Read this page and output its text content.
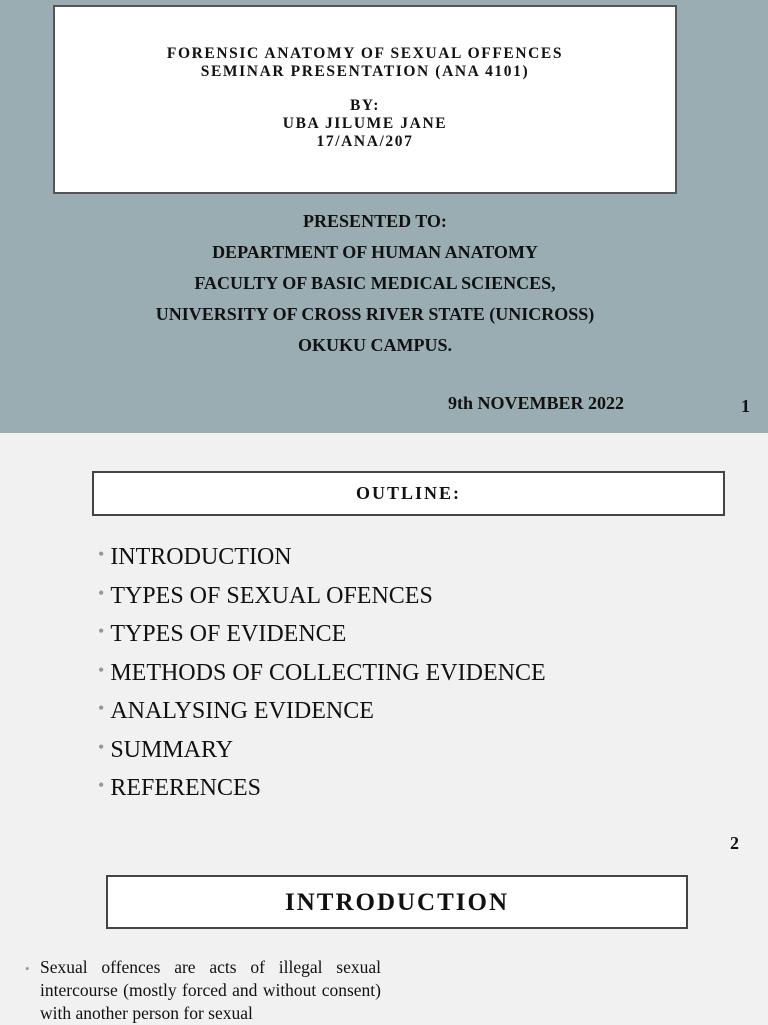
FORENSIC ANATOMY OF SEXUAL OFFENCES
SEMINAR PRESENTATION (ANA 4101)
BY:
UBA JILUME JANE
17/ANA/207
PRESENTED TO:
DEPARTMENT OF HUMAN ANATOMY
FACULTY OF BASIC MEDICAL SCIENCES,
UNIVERSITY OF CROSS RIVER STATE (UNICROSS)
OKUKU CAMPUS.
9th NOVEMBER 2022	1
OUTLINE:
• INTRODUCTION
• TYPES OF SEXUAL OFENCES
• TYPES OF EVIDENCE
• METHODS OF COLLECTING EVIDENCE
• ANALYSING EVIDENCE
• SUMMARY
• REFERENCES
2
INTRODUCTION
• Sexual offences are acts of illegal sexual intercourse (mostly forced and without consent) with another person for sexual
